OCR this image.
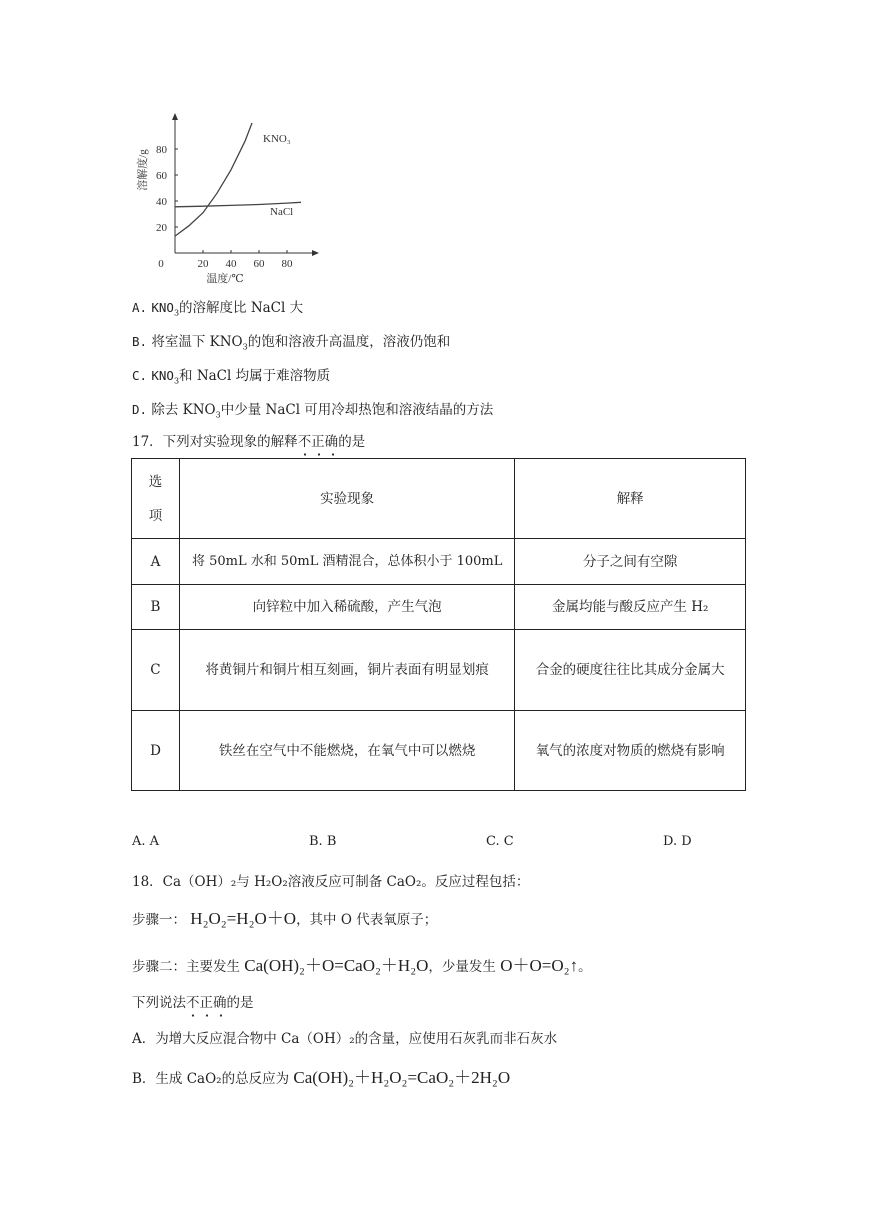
20 40 60 80
20
40
60
80
0
温度/℃
溶解度/g
KNO₃
NaCl
A. $KNO_3$的溶解度比 NaCl 大
B. 将室温下 $KNO_3$的饱和溶液升高温度，溶液仍饱和
C. $KNO_3$和 NaCl 均属于难溶物质
D. 除去 $KNO_3$中少量 NaCl 可用冷却热饱和溶液结晶的方法
17．下列对实验现象的解释不正确的是
选
项	实验现象	解释
A	将 50mL 水和 50mL 酒精混合，总体积小于 100mL	分子之间有空隙
B	向锌粒中加入稀硫酸，产生气泡	金属均能与酸反应产生 H₂
C	将黄铜片和铜片相互刻画，铜片表面有明显划痕	合金的硬度往往比其成分金属大
D	铁丝在空气中不能燃烧，在氧气中可以燃烧	氧气的浓度对物质的燃烧有影响
A. A	B. B	C. C	D. D
18．Ca（OH）₂与 H₂O₂溶液反应可制备 CaO₂。反应过程包括：
步骤一： H₂O₂=H₂O＋O，其中 O 代表氧原子；
步骤二：主要发生 Ca(OH)₂＋O=CaO₂＋H₂O，少量发生 O＋O=O₂↑。
下列说法不正确的是
A．为增大反应混合物中 Ca（OH）₂的含量，应使用石灰乳而非石灰水
B．生成 CaO₂的总反应为 Ca(OH)₂＋H₂O₂=CaO₂＋2H₂O
